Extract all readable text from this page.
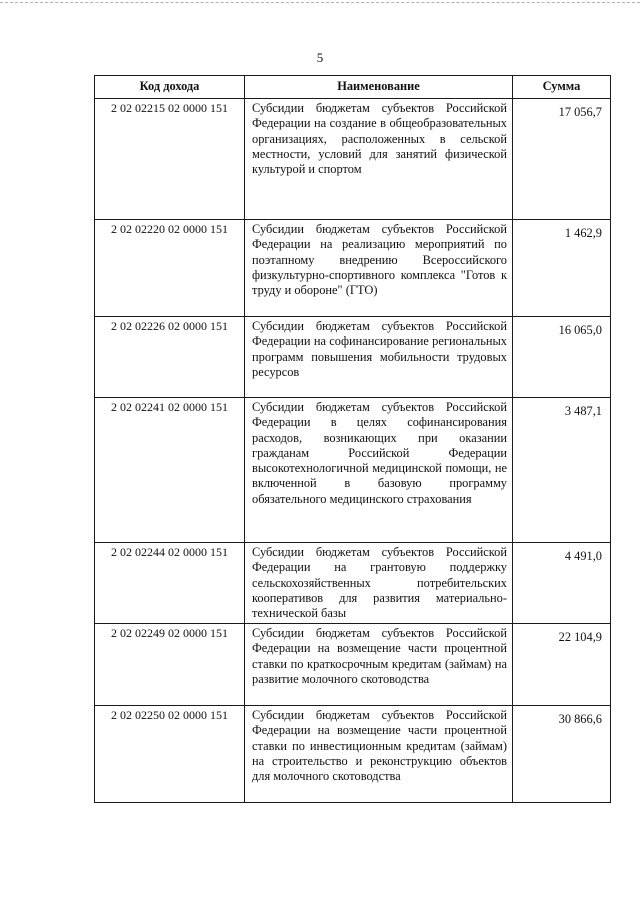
5
Код дохода	Наименование	Сумма
2 02 02215 02 0000 151	Субсидии бюджетам субъектов Российской Федерации на создание в общеобразовательных организациях, расположенных в сельской местности, условий для занятий физической культурой и спортом	17 056,7
2 02 02220 02 0000 151	Субсидии бюджетам субъектов Российской Федерации на реализацию мероприятий по поэтапному внедрению Всероссийского физкультурно-спортивного комплекса "Готов к труду и обороне" (ГТО)	1 462,9
2 02 02226 02 0000 151	Субсидии бюджетам субъектов Российской Федерации на софинансирование региональных программ повышения мобильности трудовых ресурсов	16 065,0
2 02 02241 02 0000 151	Субсидии бюджетам субъектов Российской Федерации в целях софинансирования расходов, возникающих при оказании гражданам Российской Федерации высокотехнологичной медицинской помощи, не включенной в базовую программу обязательного медицинского страхования	3 487,1
2 02 02244 02 0000 151	Субсидии бюджетам субъектов Российской Федерации на грантовую поддержку сельскохозяйственных потребительских кооперативов для развития материально-технической базы	4 491,0
2 02 02249 02 0000 151	Субсидии бюджетам субъектов Российской Федерации на возмещение части процентной ставки по краткосрочным кредитам (займам) на развитие молочного скотоводства	22 104,9
2 02 02250 02 0000 151	Субсидии бюджетам субъектов Российской Федерации на возмещение части процентной ставки по инвестиционным кредитам (займам) на строительство и реконструкцию объектов для молочного скотоводства	30 866,6
